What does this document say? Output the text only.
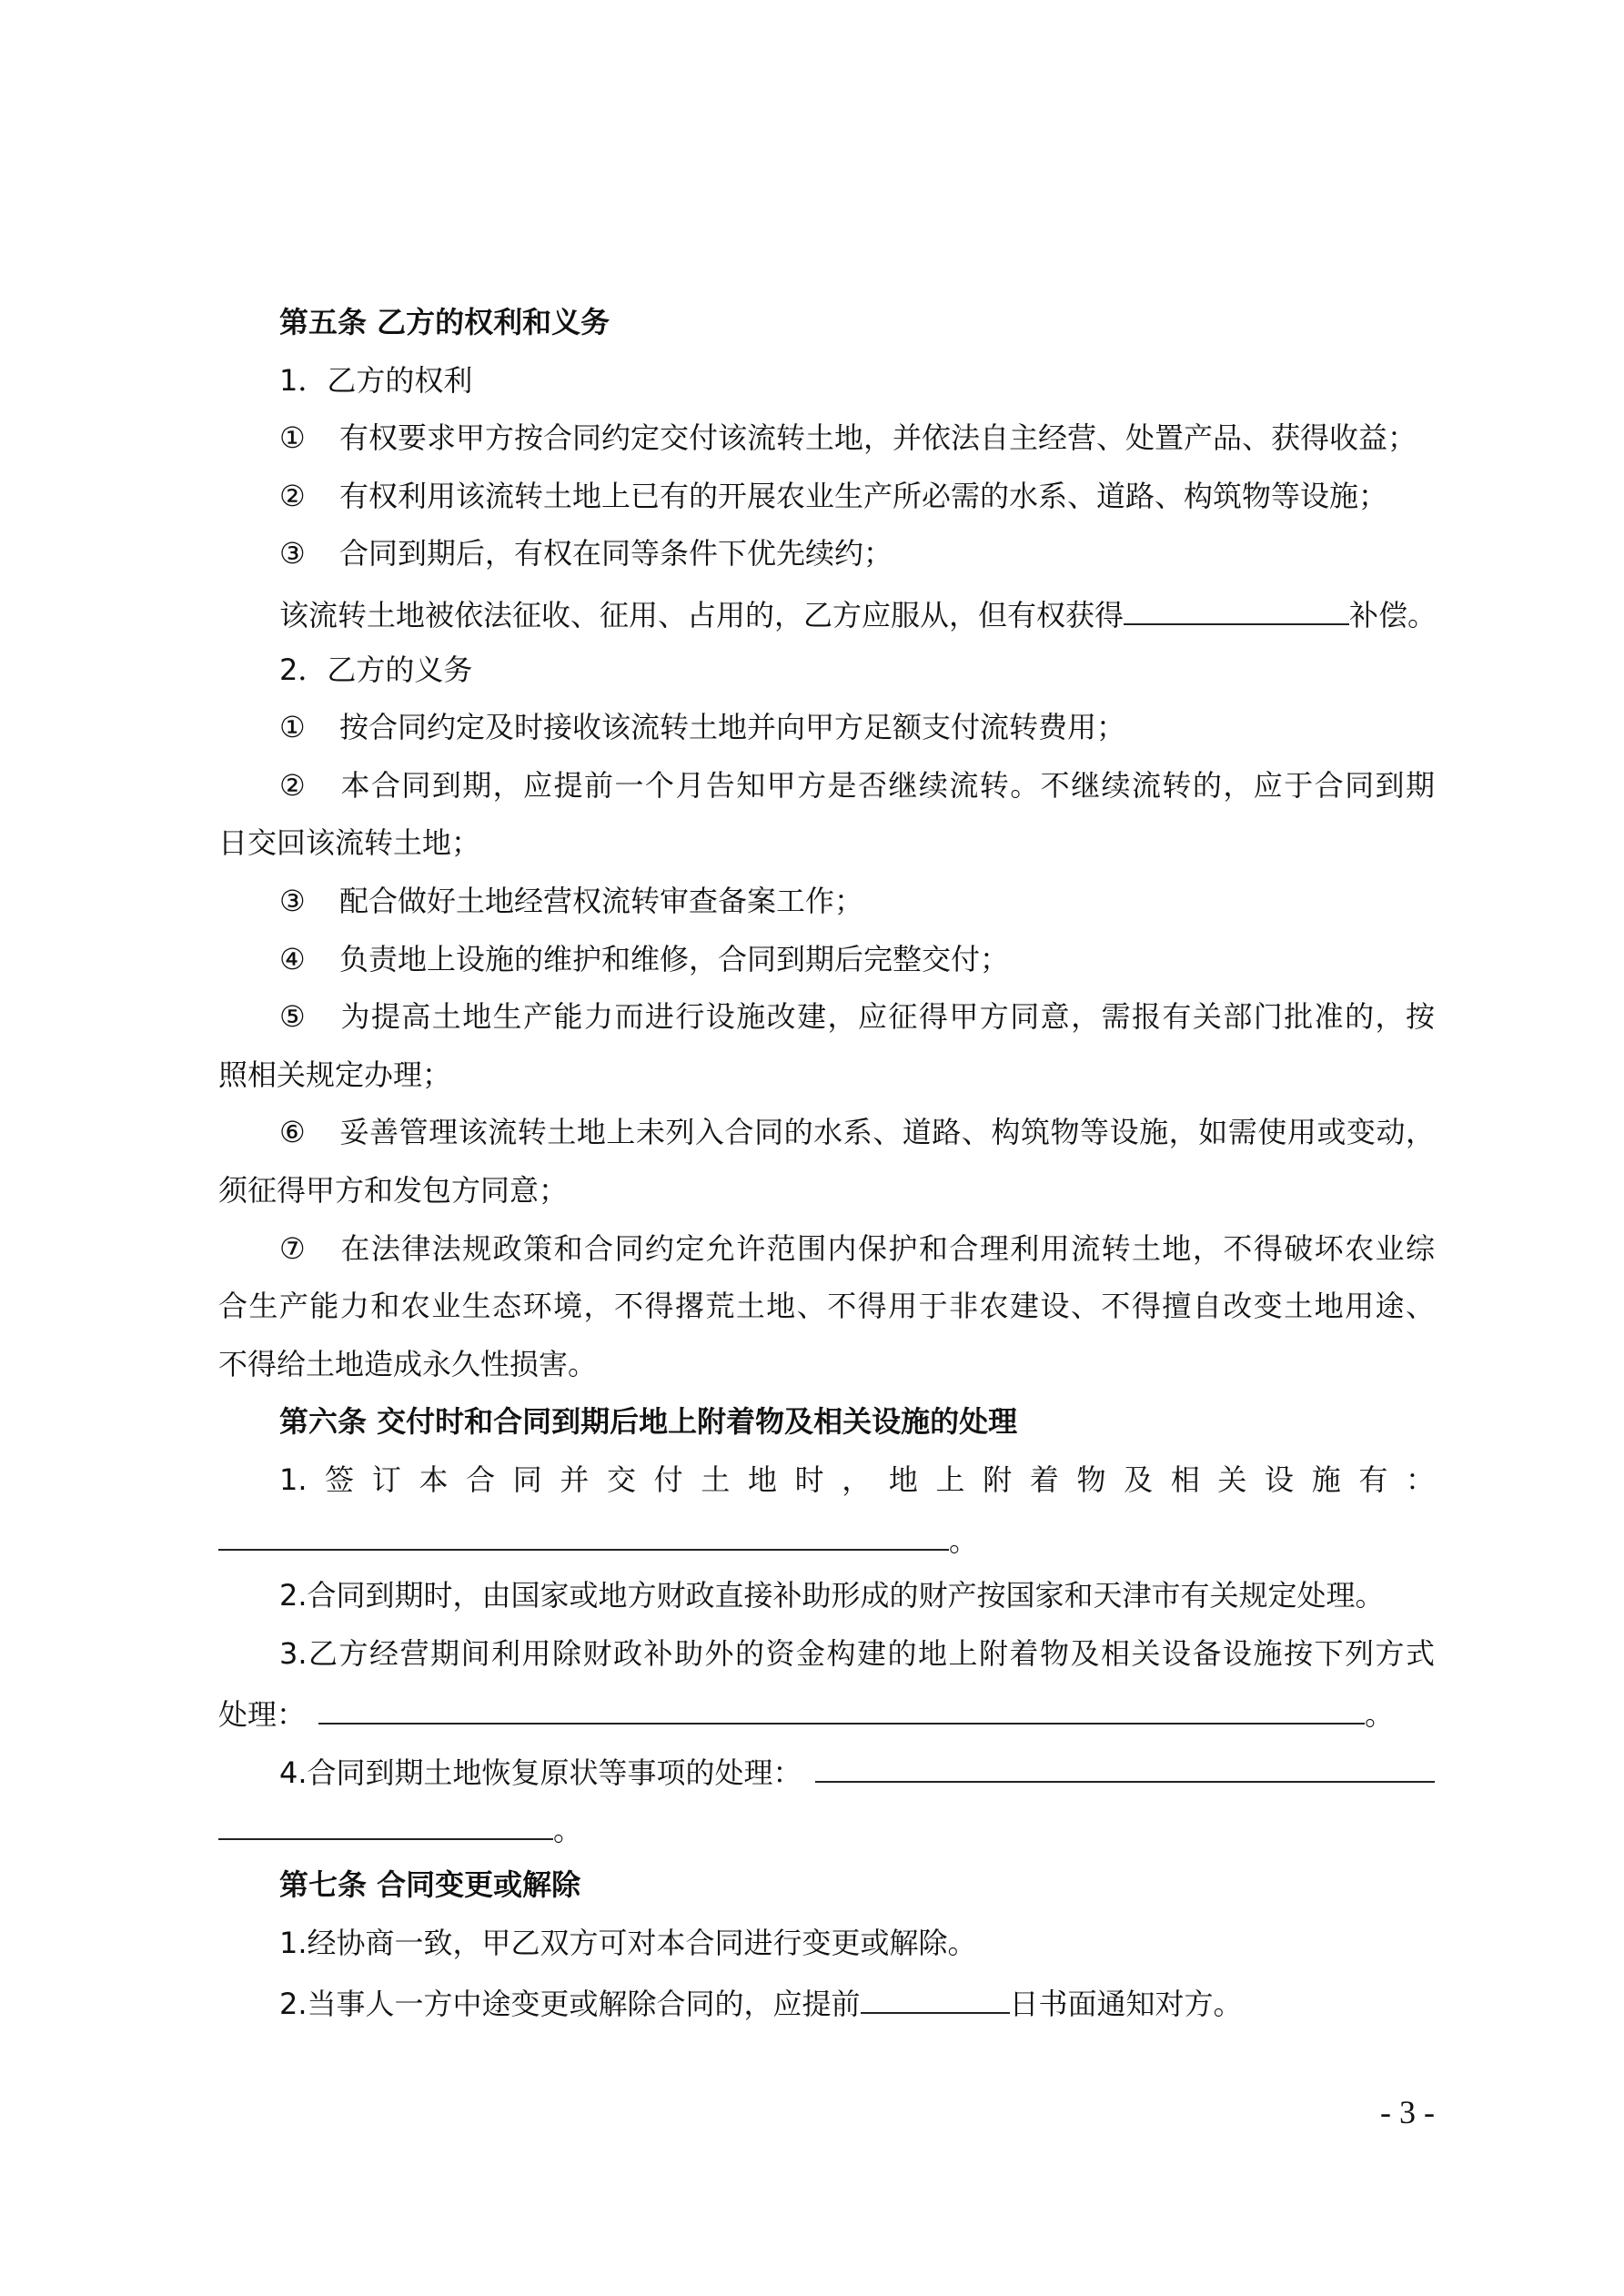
第五条 乙方的权利和义务
1．乙方的权利
① 有权要求甲方按合同约定交付该流转土地，并依法自主经营、处置产品、获得收益；
② 有权利用该流转土地上已有的开展农业生产所必需的水系、道路、构筑物等设施；
③ 合同到期后，有权在同等条件下优先续约；
该流转土地被依法征收、征用、占用的，乙方应服从，但有权获得	补偿。
2．乙方的义务
① 按合同约定及时接收该流转土地并向甲方足额支付流转费用；
② 本合同到期，应提前一个月告知甲方是否继续流转。不继续流转的，应于合同到期
日交回该流转土地；
③ 配合做好土地经营权流转审查备案工作；
④ 负责地上设施的维护和维修，合同到期后完整交付；
⑤ 为提高土地生产能力而进行设施改建，应征得甲方同意，需报有关部门批准的，按
照相关规定办理；
⑥ 妥善管理该流转土地上未列入合同的水系、道路、构筑物等设施，如需使用或变动，
须征得甲方和发包方同意；
⑦ 在法律法规政策和合同约定允许范围内保护和合理利用流转土地，不得破坏农业综
合生产能力和农业生态环境，不得撂荒土地、不得用于非农建设、不得擅自改变土地用途、
不得给土地造成永久性损害。
第六条 交付时和合同到期后地上附着物及相关设施的处理
1.签订本合同并交付土地时，地上附着物及相关设施有：
。
2.合同到期时，由国家或地方财政直接补助形成的财产按国家和天津市有关规定处理。
3.乙方经营期间利用除财政补助外的资金构建的地上附着物及相关设备设施按下列方式
处理：	。
4.合同到期土地恢复原状等事项的处理：
。
第七条 合同变更或解除
1.经协商一致，甲乙双方可对本合同进行变更或解除。
2.当事人一方中途变更或解除合同的，应提前	日书面通知对方。
- 3 -
